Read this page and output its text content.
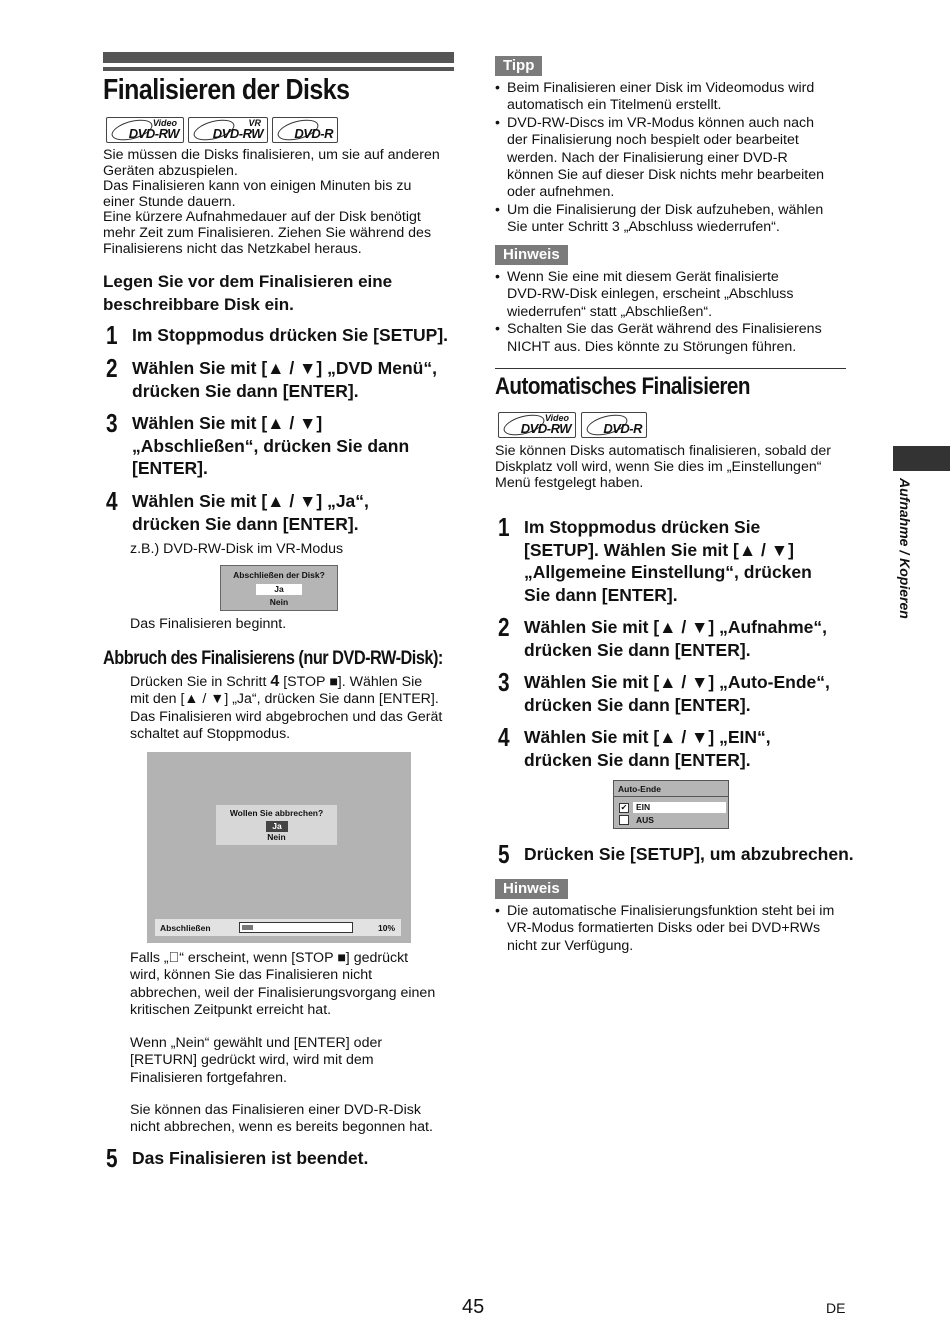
Finalisieren der Disks
Video
DVD-RW
VR
DVD-RW DVD-R
Sie müssen die Disks finalisieren, um sie auf anderen
Geräten abzuspielen.
Das Finalisieren kann von einigen Minuten bis zu
einer Stunde dauern.
Eine kürzere Aufnahmedauer auf der Disk benötigt
mehr Zeit zum Finalisieren. Ziehen Sie während des
Finalisierens nicht das Netzkabel heraus.
Legen Sie vor dem Finalisieren eine
beschreibbare Disk ein.
1 Im Stoppmodus drücken Sie [SETUP].
2 Wählen Sie mit [▲ / ▼] „DVD Menü“,
drücken Sie dann [ENTER].
3 Wählen Sie mit [▲ / ▼]
„Abschließen“, drücken Sie dann
[ENTER].
4 Wählen Sie mit [▲ / ▼] „Ja“,
drücken Sie dann [ENTER].
z.B.) DVD-RW-Disk im VR-Modus
Abschließen der Disk?
Ja
Nein
Das Finalisieren beginnt.
Abbruch des Finalisierens (nur DVD-RW-Disk):
Drücken Sie in Schritt 4 [STOP ■]. Wählen Sie
mit den [▲ / ▼] „Ja“, drücken Sie dann [ENTER].
Das Finalisieren wird abgebrochen und das Gerät
schaltet auf Stoppmodus.
Wollen Sie abbrechen?
Ja
Nein
Abschließen	10%
Falls „⃠“ erscheint, wenn [STOP ■] gedrückt
wird, können Sie das Finalisieren nicht
abbrechen, weil der Finalisierungsvorgang einen
kritischen Zeitpunkt erreicht hat.
Wenn „Nein“ gewählt und [ENTER] oder
[RETURN] gedrückt wird, wird mit dem
Finalisieren fortgefahren.
Sie können das Finalisieren einer DVD-R-Disk
nicht abbrechen, wenn es bereits begonnen hat.
5 Das Finalisieren ist beendet.
Tipp
• Beim Finalisieren einer Disk im Videomodus wird
automatisch ein Titelmenü erstellt.
• DVD-RW-Discs im VR-Modus können auch nach
der Finalisierung noch bespielt oder bearbeitet
werden. Nach der Finalisierung einer DVD-R
können Sie auf dieser Disk nichts mehr bearbeiten
oder aufnehmen.
• Um die Finalisierung der Disk aufzuheben, wählen
Sie unter Schritt 3 „Abschluss wiederrufen“.
Hinweis
• Wenn Sie eine mit diesem Gerät finalisierte
DVD-RW-Disk einlegen, erscheint „Abschluss
wiederrufen“ statt „Abschließen“.
• Schalten Sie das Gerät während des Finalisierens
NICHT aus. Dies könnte zu Störungen führen.
Automatisches Finalisieren
Video
DVD-RW DVD-R
Sie können Disks automatisch finalisieren, sobald der
Diskplatz voll wird, wenn Sie dies im „Einstellungen“
Menü festgelegt haben.
1 Im Stoppmodus drücken Sie
[SETUP]. Wählen Sie mit [▲ / ▼]
„Allgemeine Einstellung“, drücken
Sie dann [ENTER].
2 Wählen Sie mit [▲ / ▼] „Aufnahme“,
drücken Sie dann [ENTER].
3 Wählen Sie mit [▲ / ▼] „Auto-Ende“,
drücken Sie dann [ENTER].
4 Wählen Sie mit [▲ / ▼] „EIN“,
drücken Sie dann [ENTER].
Auto-Ende
✔	EIN
AUS
5 Drücken Sie [SETUP], um abzubrechen.
Hinweis
• Die automatische Finalisierungsfunktion steht bei im
VR-Modus formatierten Disks oder bei DVD+RWs
nicht zur Verfügung.
Aufnahme / Kopieren
45	DE
